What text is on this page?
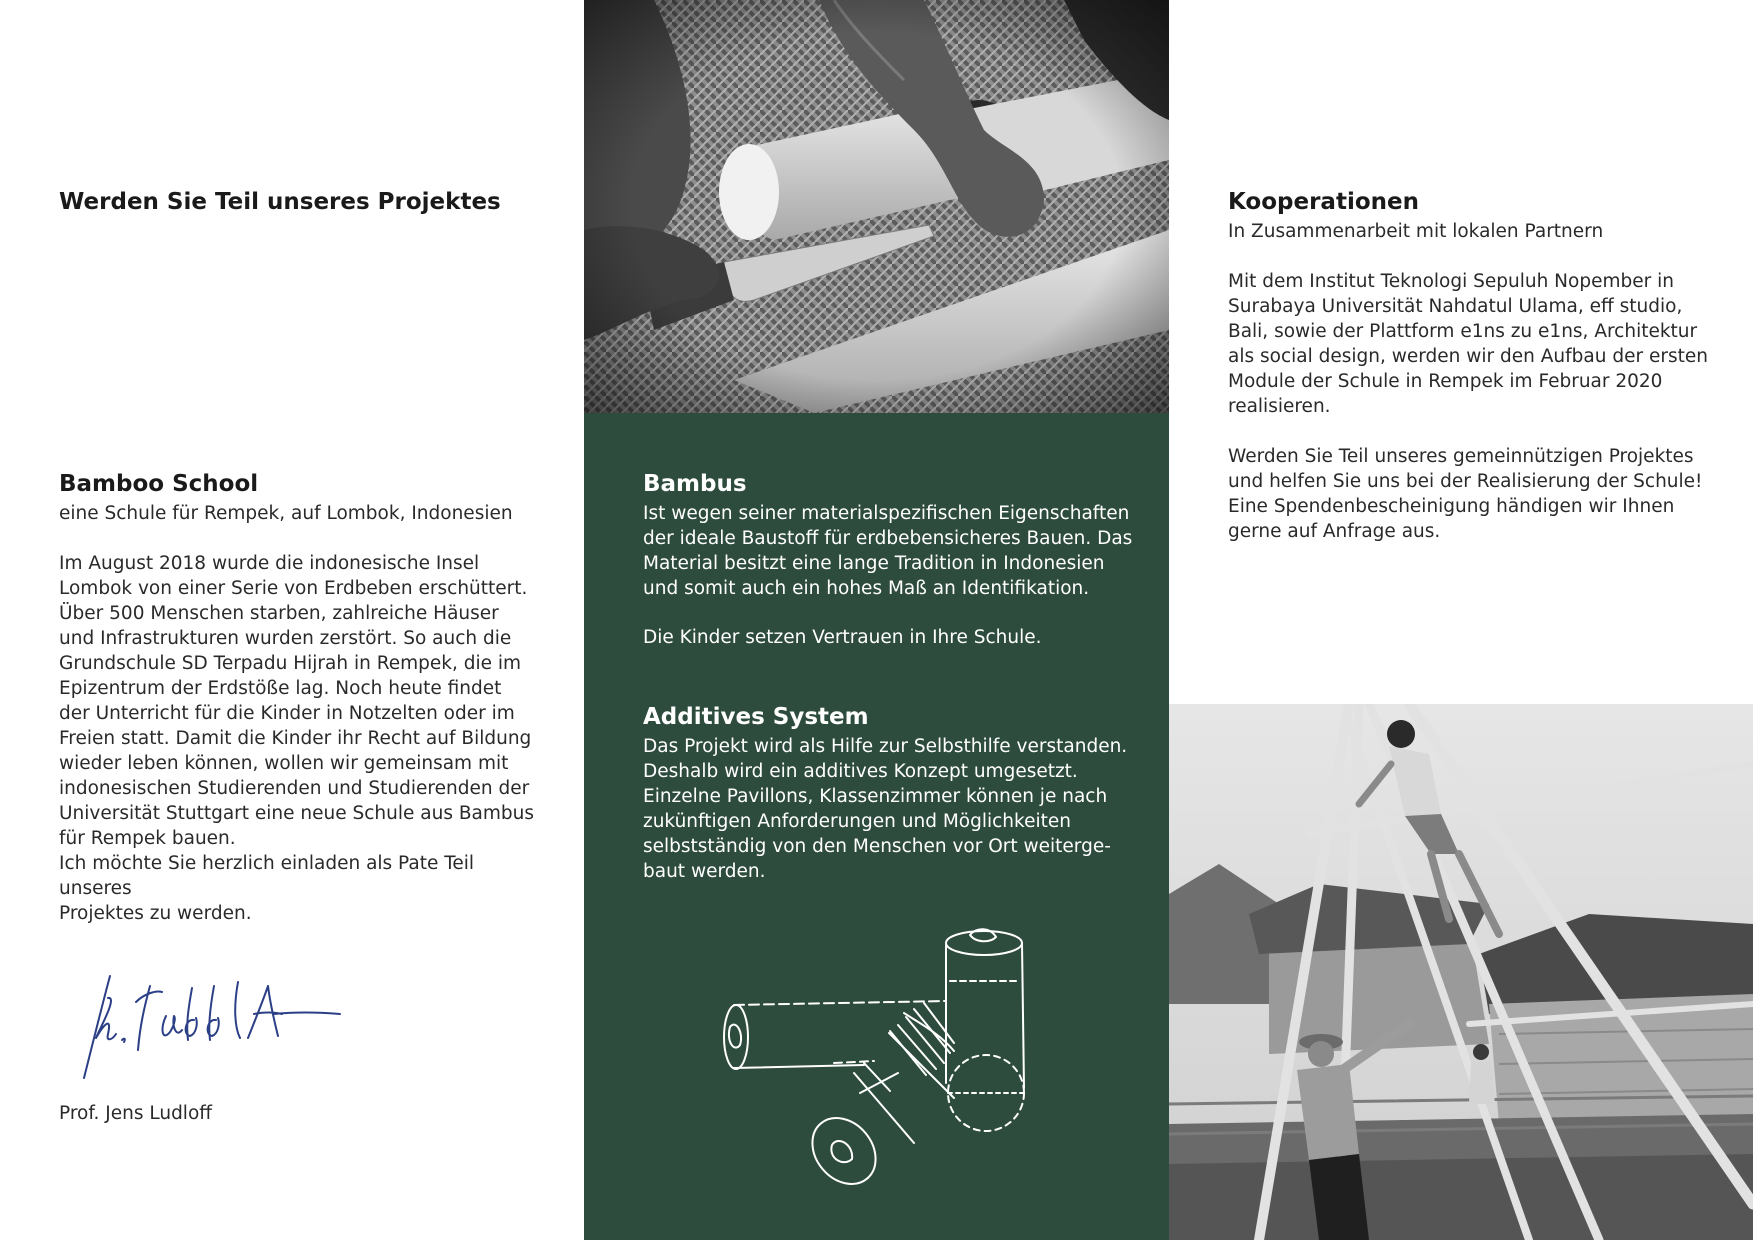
Werden Sie Teil unseres Projektes
Bamboo School

eine Schule für Rempek, auf Lombok, Indonesien

Im August 2018 wurde die indonesische Insel
Lombok von einer Serie von Erdbeben erschüttert.
Über 500 Menschen starben, zahlreiche Häuser
und Infrastrukturen wurden zerstört. So auch die
Grundschule SD Terpadu Hijrah in Rempek, die im
Epizentrum der Erdstöße lag. Noch heute findet
der Unterricht für die Kinder in Notzelten oder im
Freien statt. Damit die Kinder ihr Recht auf Bildung
wieder leben können, wollen wir gemeinsam mit
indonesischen Studierenden und Studierenden der
Universität Stuttgart eine neue Schule aus Bambus
für Rempek bauen.
Ich möchte Sie herzlich einladen als Pate Teil unseres
Projektes zu werden.

Prof. Jens Ludloff

Bambus

Ist wegen seiner materialspezifischen Eigenschaften
der ideale Baustoff für erdbebensicheres Bauen. Das
Material besitzt eine lange Tradition in Indonesien
und somit auch ein hohes Maß an Identifikation.

Die Kinder setzen Vertrauen in Ihre Schule.

Additives System

Das Projekt wird als Hilfe zur Selbsthilfe verstanden.
Deshalb wird ein additives Konzept umgesetzt.
Einzelne Pavillons, Klassenzimmer können je nach
zukünftigen Anforderungen und Möglichkeiten
selbstständig von den Menschen vor Ort weiterge-
baut werden.

Kooperationen

In Zusammenarbeit mit lokalen Partnern

Mit dem Institut Teknologi Sepuluh Nopember in
Surabaya Universität Nahdatul Ulama, eff studio,
Bali, sowie der Plattform e1ns zu e1ns, Architektur
als social design, werden wir den Aufbau der ersten
Module der Schule in Rempek im Februar 2020
realisieren.

Werden Sie Teil unseres gemeinnützigen Projektes
und helfen Sie uns bei der Realisierung der Schule!
Eine Spendenbescheinigung händigen wir Ihnen
gerne auf Anfrage aus.
